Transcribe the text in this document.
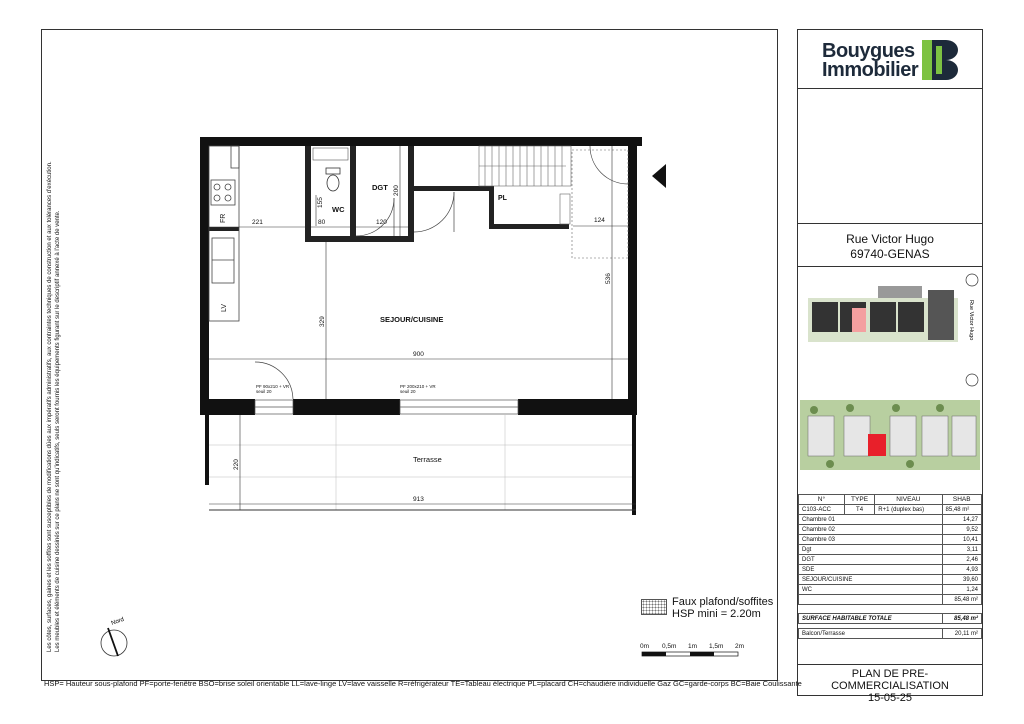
Les côtes, surfaces, gaines et les soffites sont susceptibles de modifications dûes aux impératifs administratifs, aux contraintes techniques de construction et aux tolérances d'exécution. Les meubles et éléments de cuisine dessinés sur ce plans ne sont qu'indicatifs, seuls seront fournis les équipements figurant sur le descriptif annexé à l'acte de vente.
DGT
WC
PL
SEJOUR/CUISINE
Terrasse
FR
LV
221	80	120
155
200
124
536
329
900
220
913
PF 90x210 + VR
seuil 20
PF 200x210 + VR
seuil 20
Nord
0m 0,5m 1m 1,5m 2m
Faux plafond/soffites
HSP mini = 2.20m
HSP= Hauteur sous-plafond PF=porte-fenêtre BSO=brise soleil orientable LL=lave-linge LV=lave vaisselle R=réfrigérateur TE=Tableau électrique PL=placard CH=chaudière individuelle Gaz GC=garde-corps BC=Baie Coulissante
Bouygues
Immobilier
Rue Victor Hugo
69740-GENAS
Rue Victor Hugo
N°	TYPE	NIVEAU	SHAB
C103-ACC	T4	R+1 (duplex bas)	85,48 m²
Chambre 01			14,27
Chambre 02			9,52
Chambre 03			10,41
Dgt			3,11
DGT			2,46
SDE			4,93
SEJOUR/CUISINE			39,60
WC			1,24
			85,48 m²

SURFACE HABITABLE TOTALE			85,48 m²

Balcon/Terrasse			20,11 m²
PLAN DE PRE-COMMERCIALISATION
15-05-25
